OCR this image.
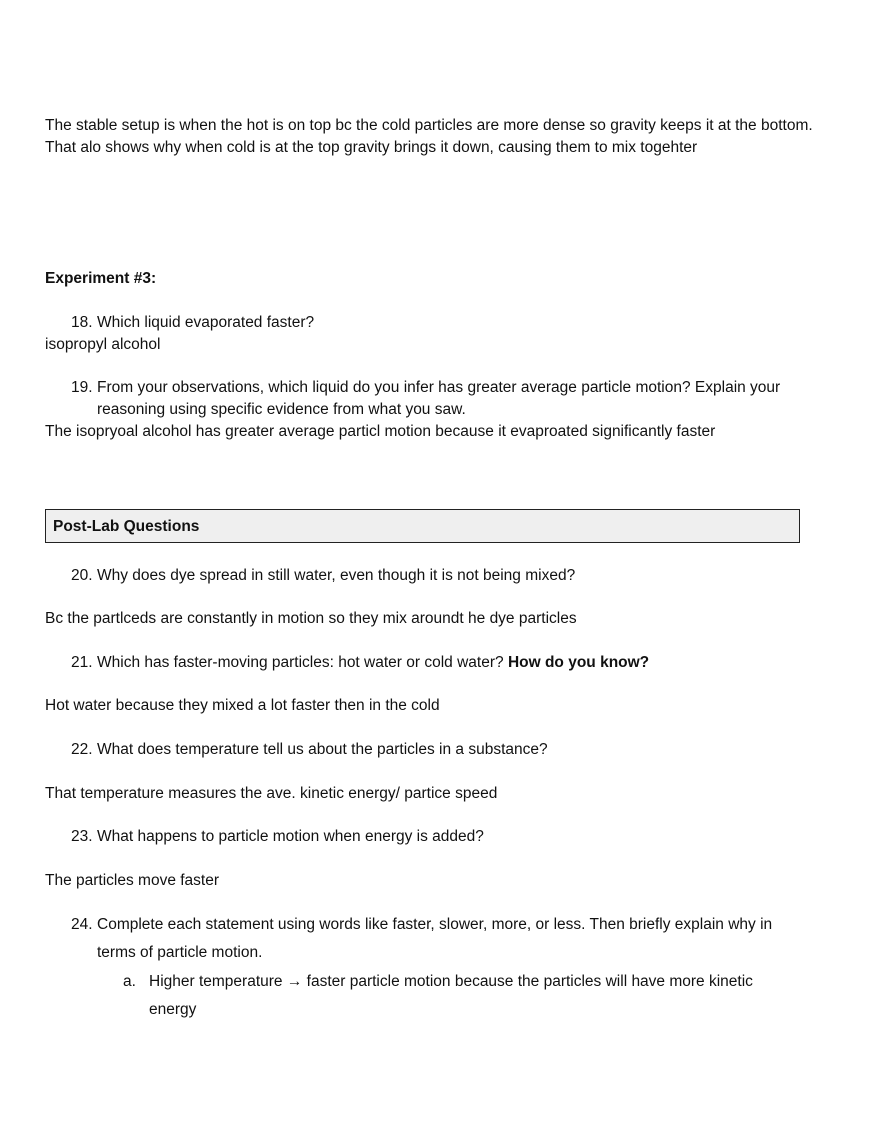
The stable setup is when the hot is on top bc the cold particles are more dense so gravity keeps it at the bottom. That alo shows why when cold is at the top gravity brings it down, causing them to mix togehter
Experiment #3:
18. Which liquid evaporated faster?
isopropyl alcohol
19. From your observations, which liquid do you infer has greater average particle motion? Explain your reasoning using specific evidence from what you saw.
The isopryoal alcohol has greater average particl motion because it evaproated significantly faster
Post-Lab Questions
20. Why does dye spread in still water, even though it is not being mixed?
Bc the partlceds are constantly in motion so they mix aroundt he dye particles
21. Which has faster-moving particles: hot water or cold water? How do you know?
Hot water because they mixed a lot faster then in the cold
22. What does temperature tell us about the particles in a substance?
That temperature measures the ave. kinetic energy/ partice speed
23. What happens to particle motion when energy is added?
The particles move faster
24. Complete each statement using words like faster, slower, more, or less. Then briefly explain why in terms of particle motion.
a. Higher temperature → faster particle motion because the particles will have more kinetic energy
